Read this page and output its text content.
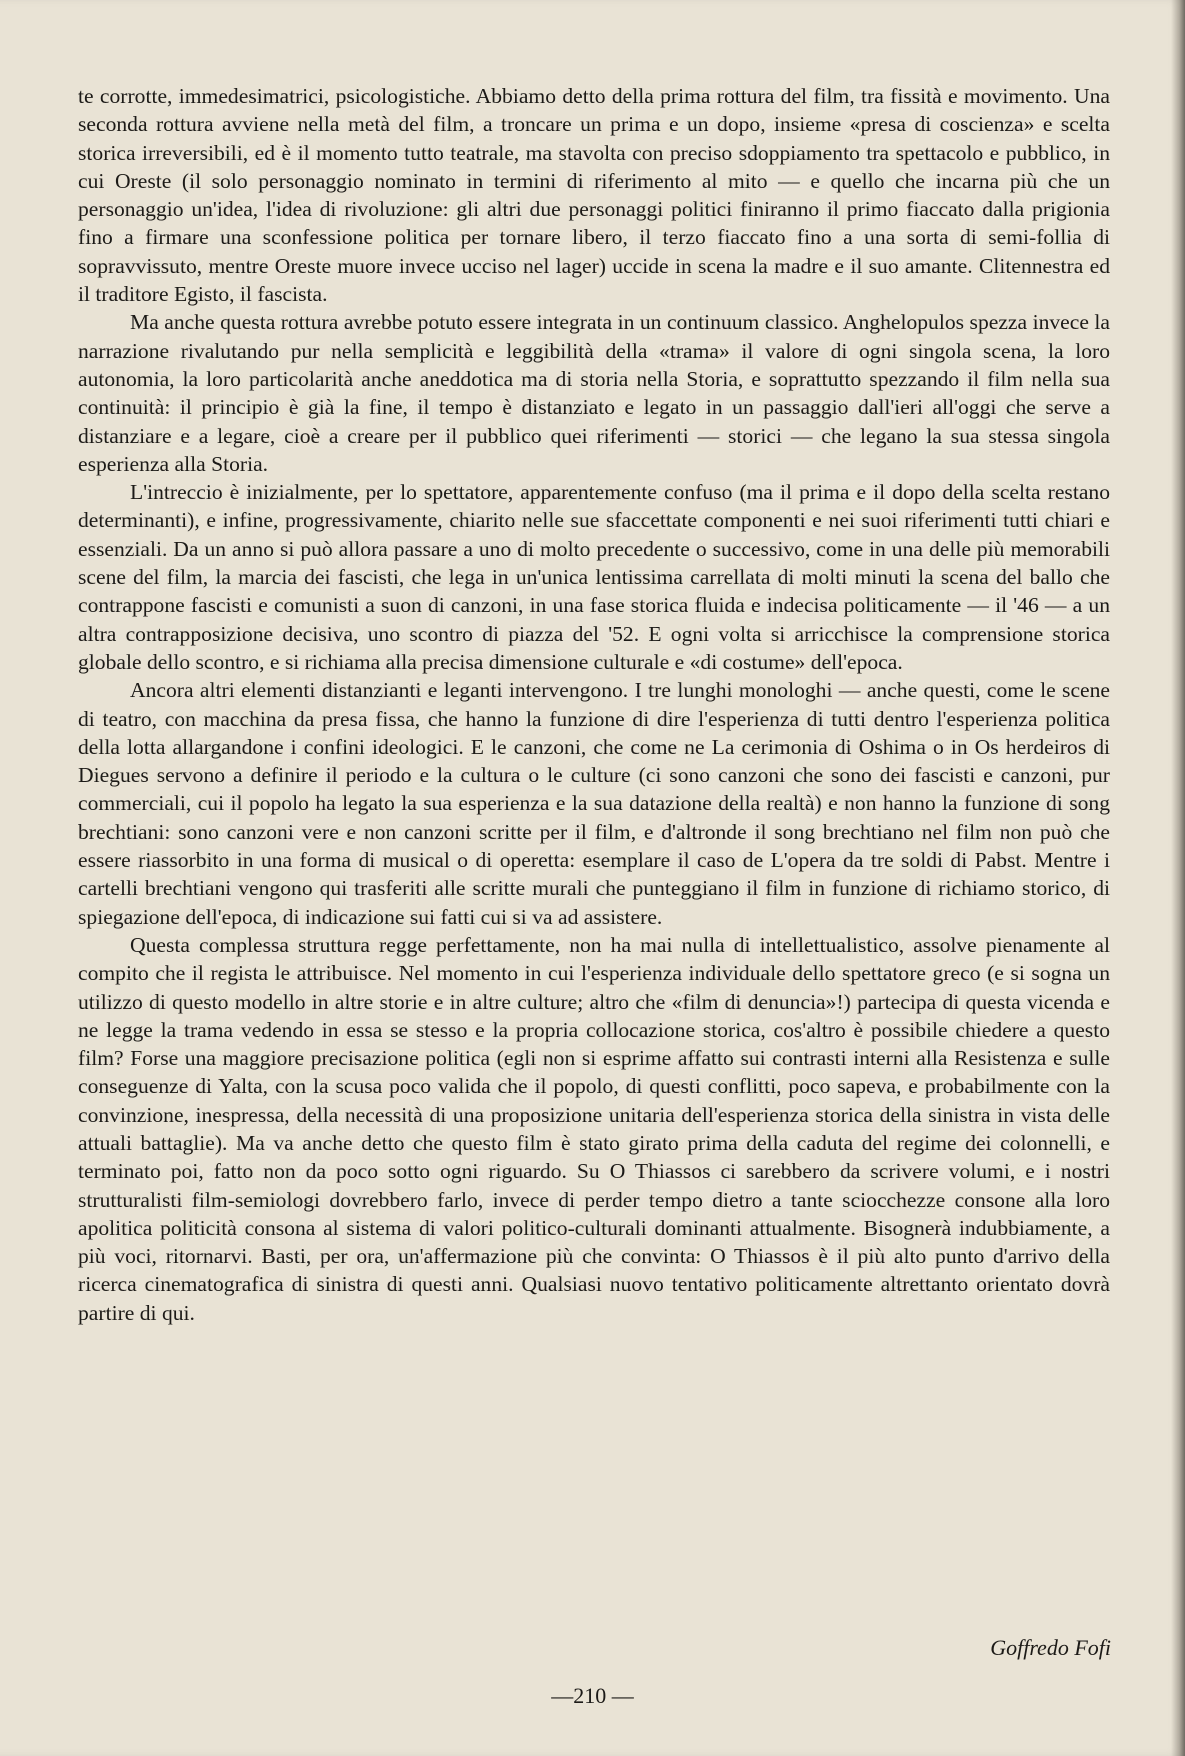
te corrotte, immedesimatrici, psicologistiche. Abbiamo detto della prima rottura del film, tra fissità e movimento. Una seconda rottura avviene nella metà del film, a troncare un prima e un dopo, insieme «presa di coscienza» e scelta storica irreversibili, ed è il momento tutto teatrale, ma stavolta con preciso sdoppiamento tra spettacolo e pubblico, in cui Oreste (il solo personaggio nominato in termini di riferimento al mito — e quello che incarna più che un personaggio un'idea, l'idea di rivoluzione: gli altri due personaggi politici finiranno il primo fiaccato dalla prigionia fino a firmare una sconfessione politica per tornare libero, il terzo fiaccato fino a una sorta di semi-follia di sopravvissuto, mentre Oreste muore invece ucciso nel lager) uccide in scena la madre e il suo amante. Clitennestra ed il traditore Egisto, il fascista.

Ma anche questa rottura avrebbe potuto essere integrata in un continuum classico. Anghelopulos spezza invece la narrazione rivalutando pur nella semplicità e leggibilità della «trama» il valore di ogni singola scena, la loro autonomia, la loro particolarità anche aneddotica ma di storia nella Storia, e soprattutto spezzando il film nella sua continuità: il principio è già la fine, il tempo è distanziato e legato in un passaggio dall'ieri all'oggi che serve a distanziare e a legare, cioè a creare per il pubblico quei riferimenti — storici — che legano la sua stessa singola esperienza alla Storia.

L'intreccio è inizialmente, per lo spettatore, apparentemente confuso (ma il prima e il dopo della scelta restano determinanti), e infine, progressivamente, chiarito nelle sue sfaccettate componenti e nei suoi riferimenti tutti chiari e essenziali. Da un anno si può allora passare a uno di molto precedente o successivo, come in una delle più memorabili scene del film, la marcia dei fascisti, che lega in un'unica lentissima carrellata di molti minuti la scena del ballo che contrappone fascisti e comunisti a suon di canzoni, in una fase storica fluida e indecisa politicamente — il '46 — a un altra contrapposizione decisiva, uno scontro di piazza del '52. E ogni volta si arricchisce la comprensione storica globale dello scontro, e si richiama alla precisa dimensione culturale e «di costume» dell'epoca.

Ancora altri elementi distanzianti e leganti intervengono. I tre lunghi monologhi — anche questi, come le scene di teatro, con macchina da presa fissa, che hanno la funzione di dire l'esperienza di tutti dentro l'esperienza politica della lotta allargandone i confini ideologici. E le canzoni, che come ne La cerimonia di Oshima o in Os herdeiros di Diegues servono a definire il periodo e la cultura o le culture (ci sono canzoni che sono dei fascisti e canzoni, pur commerciali, cui il popolo ha legato la sua esperienza e la sua datazione della realtà) e non hanno la funzione di song brechtiani: sono canzoni vere e non canzoni scritte per il film, e d'altronde il song brechtiano nel film non può che essere riassorbito in una forma di musical o di operetta: esemplare il caso de L'opera da tre soldi di Pabst. Mentre i cartelli brechtiani vengono qui trasferiti alle scritte murali che punteggiano il film in funzione di richiamo storico, di spiegazione dell'epoca, di indicazione sui fatti cui si va ad assistere.

Questa complessa struttura regge perfettamente, non ha mai nulla di intellettualistico, assolve pienamente al compito che il regista le attribuisce. Nel momento in cui l'esperienza individuale dello spettatore greco (e si sogna un utilizzo di questo modello in altre storie e in altre culture; altro che «film di denuncia»!) partecipa di questa vicenda e ne legge la trama vedendo in essa se stesso e la propria collocazione storica, cos'altro è possibile chiedere a questo film? Forse una maggiore precisazione politica (egli non si esprime affatto sui contrasti interni alla Resistenza e sulle conseguenze di Yalta, con la scusa poco valida che il popolo, di questi conflitti, poco sapeva, e probabilmente con la convinzione, inespressa, della necessità di una proposizione unitaria dell'esperienza storica della sinistra in vista delle attuali battaglie). Ma va anche detto che questo film è stato girato prima della caduta del regime dei colonnelli, e terminato poi, fatto non da poco sotto ogni riguardo. Su O Thiassos ci sarebbero da scrivere volumi, e i nostri strutturalisti film-semiologi dovrebbero farlo, invece di perder tempo dietro a tante sciocchezze consone alla loro apolitica politicità consona al sistema di valori politico-culturali dominanti attualmente. Bisognerà indubbiamente, a più voci, ritornarvi. Basti, per ora, un'affermazione più che convinta: O Thiassos è il più alto punto d'arrivo della ricerca cinematografica di sinistra di questi anni. Qualsiasi nuovo tentativo politicamente altrettanto orientato dovrà partire di qui.

Goffredo Fofi
—210 —
